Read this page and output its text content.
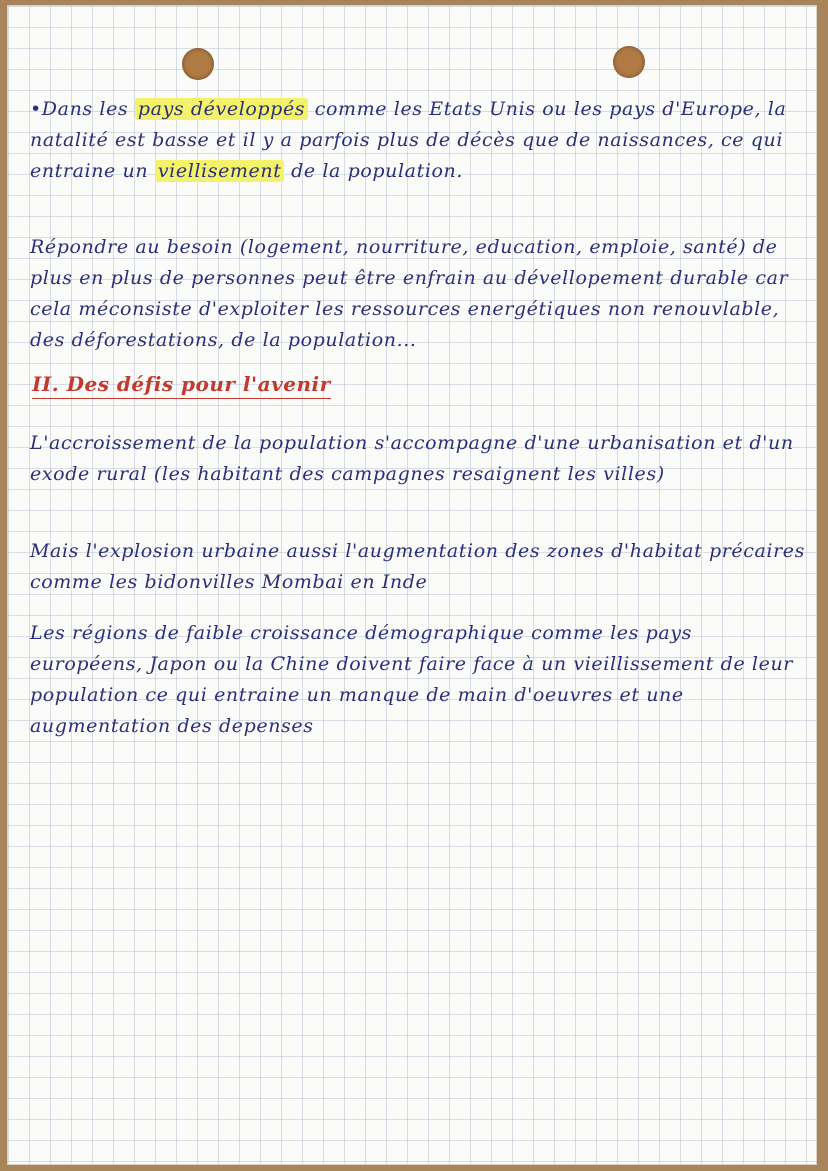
•Dans les pays développés comme les Etats Unis ou les pays d'Europe, la natalité est basse et il y a parfois plus de décès que de naissances, ce qui entraine un viellisement de la population.

Répondre au besoin (logement, nourriture, education, emploie, santé) de plus en plus de personnes peut être enfrain au dévellopement durable car cela méconsiste d'exploiter les ressources energétiques non renouvlable, des déforestations, de la population...

II. Des défis pour l'avenir

L'accroissement de la population s'accompagne d'une urbanisation et d'un exode rural (les habitant des campagnes resaignent les villes)

Mais l'explosion urbaine aussi l'augmentation des zones d'habitat précaires comme les bidonvilles Mombai en Inde

Les régions de faible croissance démographique comme les pays européens, Japon ou la Chine doivent faire face à un vieillissement de leur population ce qui entraine un manque de main d'oeuvres et une augmentation des depenses
